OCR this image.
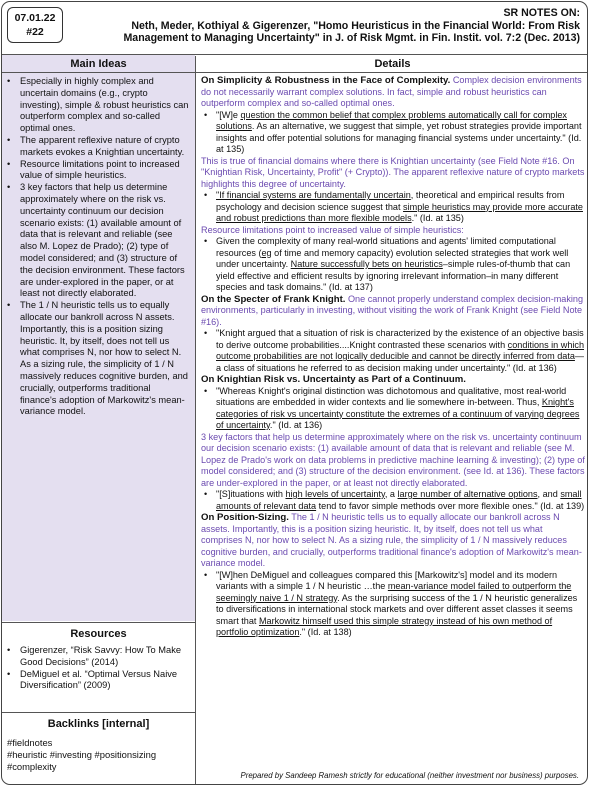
07.01.22
#22
SR NOTES ON:
Neth, Meder, Kothiyal & Gigerenzer, "Homo Heuristicus in the Financial World: From Risk
Management to Managing Uncertainty" in J. of Risk Mgmt. in Fin. Instit. vol. 7:2 (Dec. 2013)
Main Ideas	Details
• Especially in highly complex and uncertain domains (e.g., crypto investing), simple & robust heuristics can outperform complex and so-called optimal ones.
• The apparent reflexive nature of crypto markets evokes a Knightian uncertainty.
• Resource limitations point to increased value of simple heuristics.
• 3 key factors that help us determine approximately where on the risk vs. uncertainty continuum our decision scenario exists: (1) available amount of data that is relevant and reliable (see also M. Lopez de Prado); (2) type of model considered; and (3) structure of the decision environment. These factors are under-explored in the paper, or at least not directly elaborated.
• The 1 / N heuristic tells us to equally allocate our bankroll across N assets. Importantly, this is a position sizing heuristic. It, by itself, does not tell us what comprises N, nor how to select N. As a sizing rule, the simplicity of 1 / N massively reduces cognitive burden, and crucially, outperforms traditional finance's adoption of Markowitz's mean-variance model.
Resources
• Gigerenzer, “Risk Savvy: How To Make Good Decisions” (2014)
• DeMiguel et al. “Optimal Versus Naive Diversification” (2009)
Backlinks [internal]
#fieldnotes
#heuristic #investing #positionsizing
#complexity

On Simplicity & Robustness in the Face of Complexity. Complex decision environments do not necessarily warrant complex solutions. In fact, simple and robust heuristics can outperform complex and so-called optimal ones.

• "[W]e question the common belief that complex problems automatically call for complex solutions. As an alternative, we suggest that simple, yet robust strategies provide important insights and offer potential solutions for managing financial systems under uncertainty." (Id. at 135)

This is true of financial domains where there is Knightian uncertainty (see Field Note #16. On "Knightian Risk, Uncertainty, Profit" (+ Crypto)). The apparent reflexive nature of crypto markets highlights this degree of uncertainty.

• "If financial systems are fundamentally uncertain, theoretical and empirical results from psychology and decision science suggest that simple heuristics may provide more accurate and robust predictions than more flexible models." (Id. at 135)

Resource limitations point to increased value of simple heuristics:

• Given the complexity of many real-world situations and agents' limited computational resources (eg of time and memory capacity) evolution selected strategies that work well under uncertainty. Nature successfully bets on heuristics–simple rules-of-thumb that can yield effective and efficient results by ignoring irrelevant information–in many different species and task domains." (Id. at 137)

On the Specter of Frank Knight. One cannot properly understand complex decision-making environments, particularly in investing, without visiting the work of Frank Knight (see Field Note #16).

• "Knight argued that a situation of risk is characterized by the existence of an objective basis to derive outcome probabilities....Knight contrasted these scenarios with conditions in which outcome probabilities are not logically deducible and cannot be directly inferred from data—a class of situations he referred to as decision making under uncertainty." (Id. at 136)

On Knightian Risk vs. Uncertainty as Part of a Continuum.

• "Whereas Knight's original distinction was dichotomous and qualitative, most real-world situations are embedded in wider contexts and lie somewhere in-between. Thus, Knight's categories of risk vs uncertainty constitute the extremes of a continuum of varying degrees of uncertainty." (Id. at 136)

3 key factors that help us determine approximately where on the risk vs. uncertainty continuum our decision scenario exists: (1) available amount of data that is relevant and reliable (see M. Lopez de Prado's work on data problems in predictive machine learning & investing); (2) type of model considered; and (3) structure of the decision environment. (see Id. at 136). These factors are under-explored in the paper, or at least not directly elaborated.

• "[S]ituations with high levels of uncertainty, a large number of alternative options, and small amounts of relevant data tend to favor simple methods over more flexible ones." (Id. at 139)

On Position-Sizing. The 1 / N heuristic tells us to equally allocate our bankroll across N assets. Importantly, this is a position sizing heuristic. It, by itself, does not tell us what comprises N, nor how to select N. As a sizing rule, the simplicity of 1 / N massively reduces cognitive burden, and crucially, outperforms traditional finance's adoption of Markowitz's mean-variance model.

• "[W]hen DeMiguel and colleagues compared this [Markowitz's] model and its modern variants with a simple 1 / N heuristic …the mean-variance model failed to outperform the seemingly naive 1 / N strategy. As the surprising success of the 1 / N heuristic generalizes to diversifications in international stock markets and over different asset classes it seems smart that Markowitz himself used this simple strategy instead of his own method of portfolio optimization." (Id. at 138)
Prepared by Sandeep Ramesh strictly for educational (neither investment nor business) purposes.
